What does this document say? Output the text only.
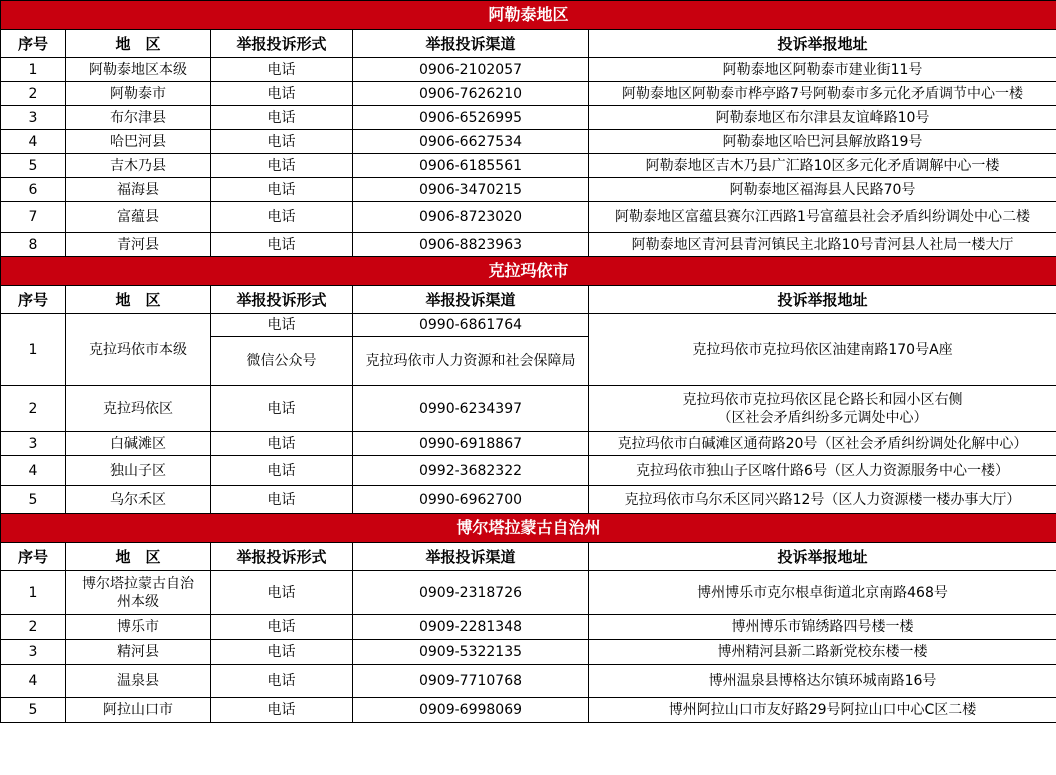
阿勒泰地区				
序号	地　区	举报投诉形式	举报投诉渠道	投诉举报地址
1	阿勒泰地区本级	电话	0906-2102057	阿勒泰地区阿勒泰市建业街11号
2	阿勒泰市	电话	0906-7626210	阿勒泰地区阿勒泰市桦亭路7号阿勒泰市多元化矛盾调节中心一楼
3	布尔津县	电话	0906-6526995	阿勒泰地区布尔津县友谊峰路10号
4	哈巴河县	电话	0906-6627534	阿勒泰地区哈巴河县解放路19号
5	吉木乃县	电话	0906-6185561	阿勒泰地区吉木乃县广汇路10区多元化矛盾调解中心一楼
6	福海县	电话	0906-3470215	阿勒泰地区福海县人民路70号
7	富蕴县	电话	0906-8723020	阿勒泰地区富蕴县赛尔江西路1号富蕴县社会矛盾纠纷调处中心二楼
8	青河县	电话	0906-8823963	阿勒泰地区青河县青河镇民主北路10号青河县人社局一楼大厅
克拉玛依市				
序号	地　区	举报投诉形式	举报投诉渠道	投诉举报地址
1	克拉玛依市本级	电话	0990-6861764	克拉玛依市克拉玛依区油建南路170号A座
		微信公众号	克拉玛依市人力资源和社会保障局	
2	克拉玛依区	电话	0990-6234397	克拉玛依市克拉玛依区昆仑路长和园小区右侧
（区社会矛盾纠纷多元调处中心）

3	白碱滩区	电话	0990-6918867	克拉玛依市白碱滩区通荷路20号（区社会矛盾纠纷调处化解中心）
4	独山子区	电话	0992-3682322	克拉玛依市独山子区喀什路6号（区人力资源服务中心一楼）
5	乌尔禾区	电话	0990-6962700	克拉玛依市乌尔禾区同兴路12号（区人力资源楼一楼办事大厅）
博尔塔拉蒙古自治州				
序号	地　区	举报投诉形式	举报投诉渠道	投诉举报地址
1	博尔塔拉蒙古自治
州本级	电话	0909-2318726	博州博乐市克尔根卓街道北京南路468号
2	博乐市	电话	0909-2281348	博州博乐市锦绣路四号楼一楼
3	精河县	电话	0909-5322135	博州精河县新二路新党校东楼一楼
4	温泉县	电话	0909-7710768	博州温泉县博格达尔镇环城南路16号
5	阿拉山口市	电话	0909-6998069	博州阿拉山口市友好路29号阿拉山口中心C区二楼
